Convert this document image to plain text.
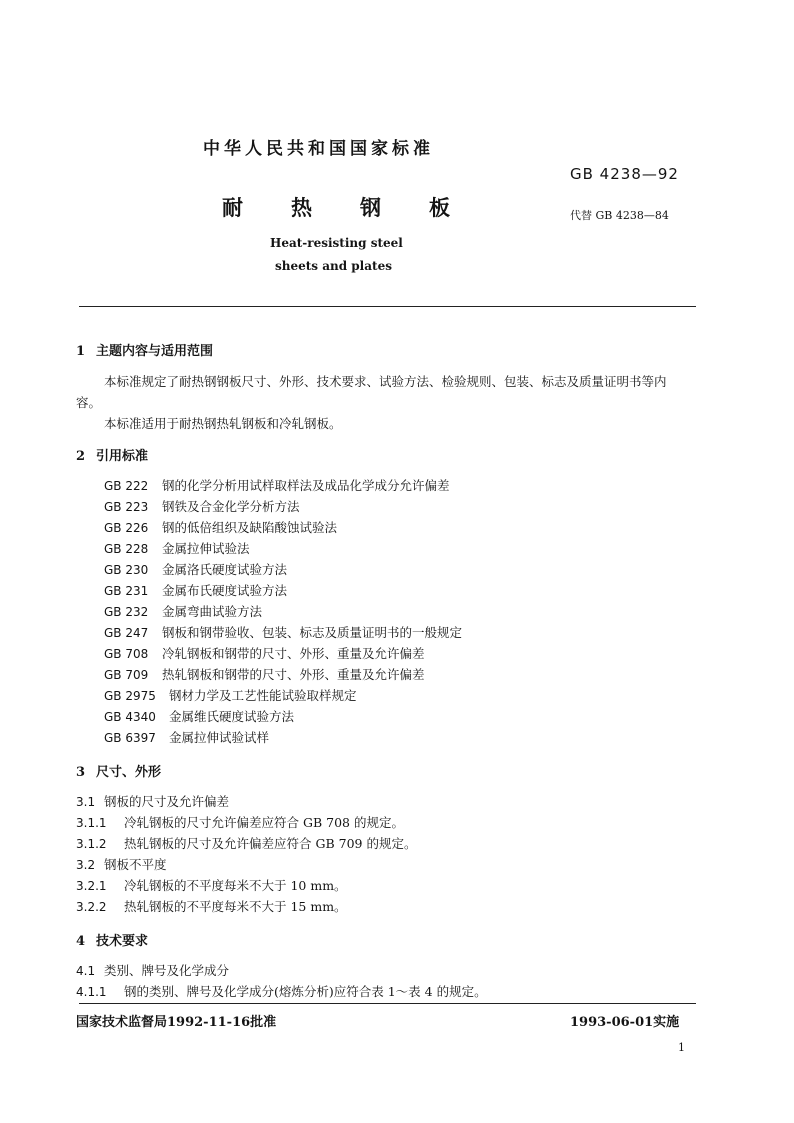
中华人民共和国国家标准
GB 4238—92
耐热钢板	代替 GB 4238—84
Heat-resisting steel
sheets and plates
1 主题内容与适用范围
本标准规定了耐热钢钢板尺寸、外形、技术要求、试验方法、检验规则、包装、标志及质量证明书等内
容。
本标准适用于耐热钢热轧钢板和冷轧钢板。
2 引用标准
GB 222 钢的化学分析用试样取样法及成品化学成分允许偏差
GB 223 钢铁及合金化学分析方法
GB 226 钢的低倍组织及缺陷酸蚀试验法
GB 228 金属拉伸试验法
GB 230 金属洛氏硬度试验方法
GB 231 金属布氏硬度试验方法
GB 232 金属弯曲试验方法
GB 247 钢板和钢带验收、包装、标志及质量证明书的一般规定
GB 708 冷轧钢板和钢带的尺寸、外形、重量及允许偏差
GB 709 热轧钢板和钢带的尺寸、外形、重量及允许偏差
GB 2975 钢材力学及工艺性能试验取样规定
GB 4340 金属维氏硬度试验方法
GB 6397 金属拉伸试验试样
3 尺寸、外形
3.1 钢板的尺寸及允许偏差
3.1.1 冷轧钢板的尺寸允许偏差应符合 GB 708 的规定。
3.1.2 热轧钢板的尺寸及允许偏差应符合 GB 709 的规定。
3.2 钢板不平度
3.2.1 冷轧钢板的不平度每米不大于 10 mm。
3.2.2 热轧钢板的不平度每米不大于 15 mm。
4 技术要求
4.1 类别、牌号及化学成分
4.1.1 钢的类别、牌号及化学成分(熔炼分析)应符合表 1～表 4 的规定。
国家技术监督局1992-11-16批准	1993-06-01实施
1
